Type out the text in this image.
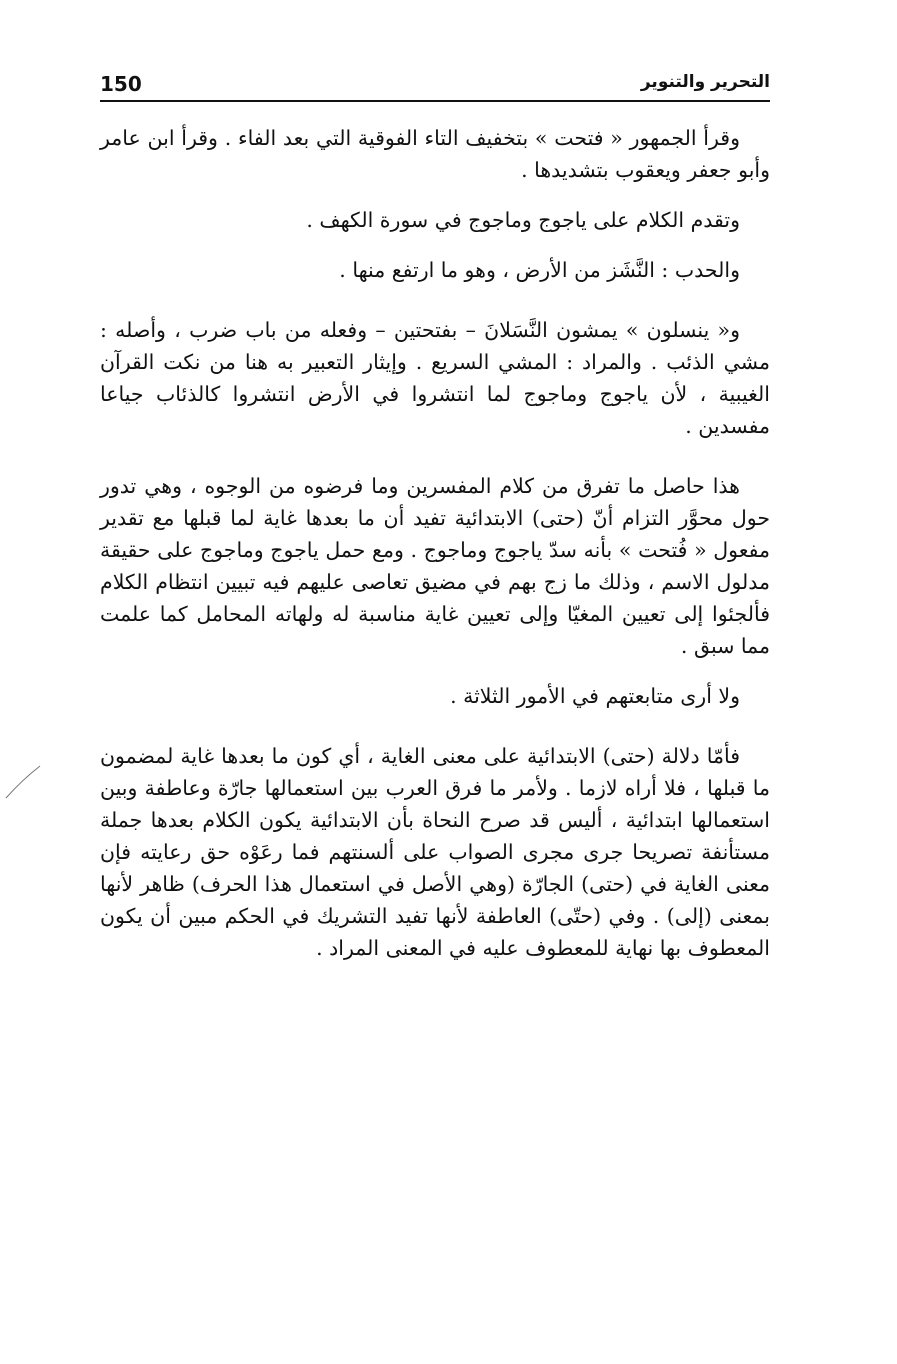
150	التحرير والتنوير

وقرأ الجمهور « فتحت » بتخفيف التاء الفوقية التي بعد الفاء . وقرأ ابن عامر وأبو جعفر ويعقوب بتشديدها .

وتقدم الكلام على ياجوج وماجوج في سورة الكهف .

والحدب : النَّشَز من الأرض ، وهو ما ارتفع منها .

و« ينسلون » يمشون النَّسَلانَ – بفتحتين – وفعله من باب ضرب ، وأصله : مشي الذئب . والمراد : المشي السريع . وإيثار التعبير به هنا من نكت القرآن الغيبية ، لأن ياجوج وماجوج لما انتشروا في الأرض انتشروا كالذئاب جياعا مفسدين .

هذا حاصل ما تفرق من كلام المفسرين وما فرضوه من الوجوه ، وهي تدور حول محوَّر التزام أنّ (حتى) الابتدائية تفيد أن ما بعدها غاية لما قبلها مع تقدير مفعول « فُتحت » بأنه سدّ ياجوج وماجوج . ومع حمل ياجوج وماجوج على حقيقة مدلول الاسم ، وذلك ما زج بهم في مضيق تعاصى عليهم فيه تبيين انتظام الكلام فألجئوا إلى تعيين المغيّا وإلى تعيين غاية مناسبة له ولهاته المحامل كما علمت مما سبق .

ولا أرى متابعتهم في الأمور الثلاثة .

فأمّا دلالة (حتى) الابتدائية على معنى الغاية ، أي كون ما بعدها غاية لمضمون ما قبلها ، فلا أراه لازما . ولأمر ما فرق العرب بين استعمالها جارّة وعاطفة وبين استعمالها ابتدائية ، أليس قد صرح النحاة بأن الابتدائية يكون الكلام بعدها جملة مستأنفة تصريحا جرى مجرى الصواب على ألسنتهم فما رعَوْه حق رعايته فإن معنى الغاية في (حتى) الجارّة (وهي الأصل في استعمال هذا الحرف) ظاهر لأنها بمعنى (إلى) . وفي (حتّى) العاطفة لأنها تفيد التشريك في الحكم مبين أن يكون المعطوف بها نهاية للمعطوف عليه في المعنى المراد .
